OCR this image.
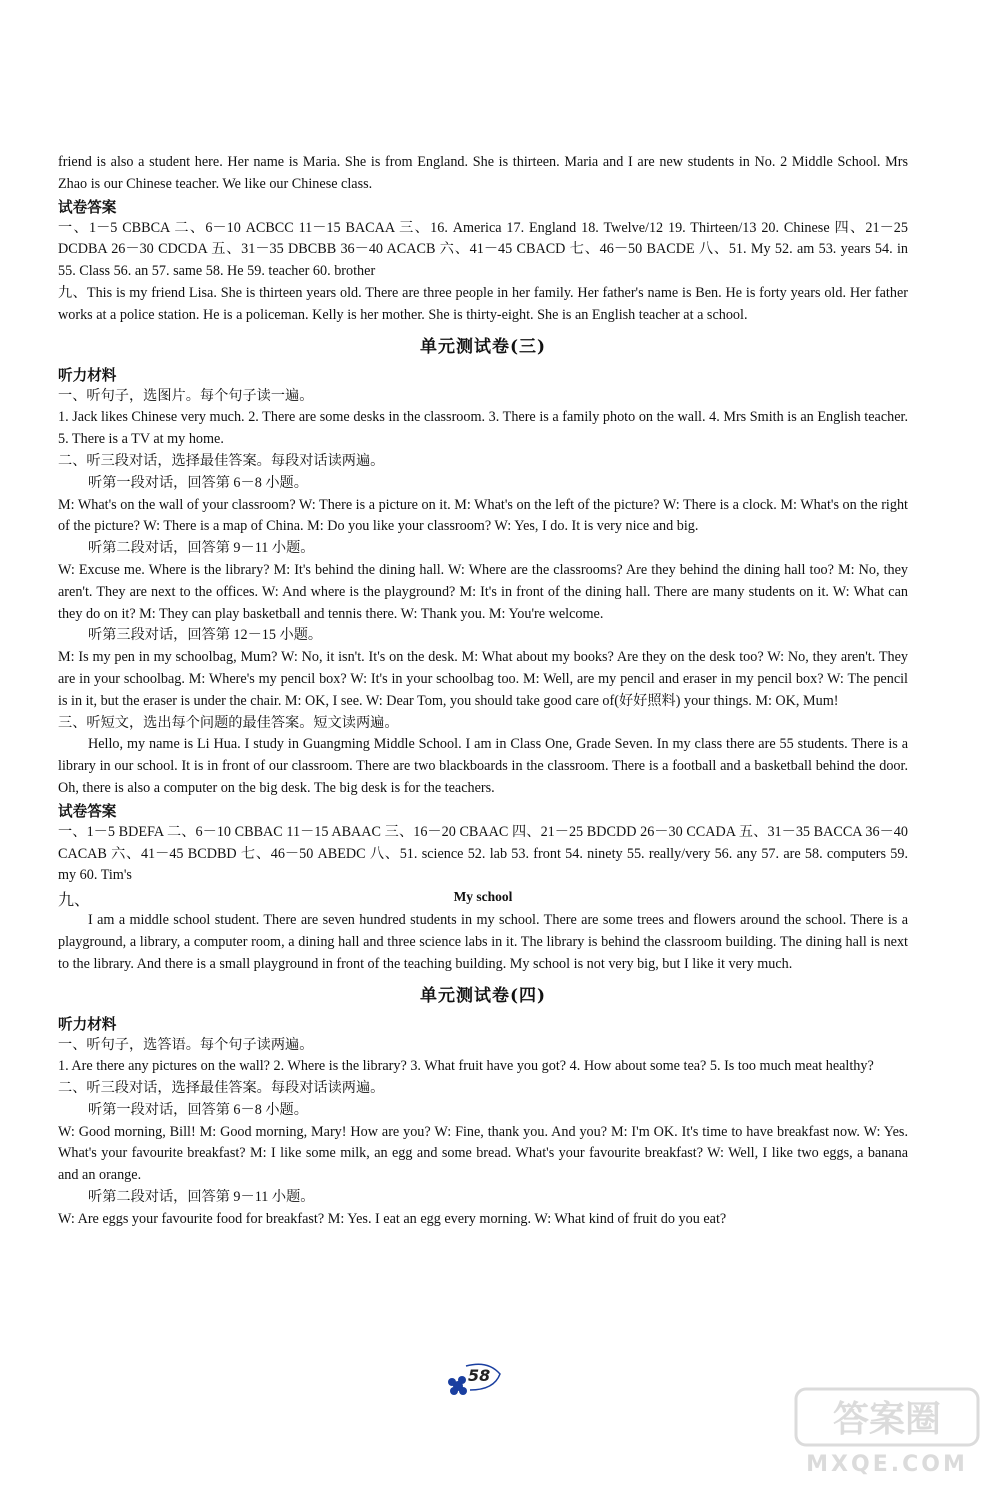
friend is also a student here. Her name is Maria. She is from England. She is thirteen. Maria and I are new students in No. 2 Middle School. Mrs Zhao is our Chinese teacher. We like our Chinese class.

试卷答案

一、1－5 CBBCA 二、6－10 ACBCC 11－15 BACAA 三、16. America 17. England 18. Twelve/12 19. Thirteen/13 20. Chinese 四、21－25 DCDBA 26－30 CDCDA 五、31－35 DBCBB 36－40 ACACB 六、41－45 CBACD 七、46－50 BACDE 八、51. My 52. am 53. years 54. in 55. Class 56. an 57. same 58. He 59. teacher 60. brother

九、This is my friend Lisa. She is thirteen years old. There are three people in her family. Her father's name is Ben. He is forty years old. Her father works at a police station. He is a policeman. Kelly is her mother. She is thirty-eight. She is an English teacher at a school.

单元测试卷(三)
听力材料

一、听句子，选图片。每个句子读一遍。

1. Jack likes Chinese very much. 2. There are some desks in the classroom. 3. There is a family photo on the wall. 4. Mrs Smith is an English teacher. 5. There is a TV at my home.

二、听三段对话，选择最佳答案。每段对话读两遍。

听第一段对话，回答第 6－8 小题。

M: What's on the wall of your classroom? W: There is a picture on it. M: What's on the left of the picture? W: There is a clock. M: What's on the right of the picture? W: There is a map of China. M: Do you like your classroom? W: Yes, I do. It is very nice and big.

听第二段对话，回答第 9－11 小题。

W: Excuse me. Where is the library? M: It's behind the dining hall. W: Where are the classrooms? Are they behind the dining hall too? M: No, they aren't. They are next to the offices. W: And where is the playground? M: It's in front of the dining hall. There are many students on it. W: What can they do on it? M: They can play basketball and tennis there. W: Thank you. M: You're welcome.

听第三段对话，回答第 12－15 小题。

M: Is my pen in my schoolbag, Mum? W: No, it isn't. It's on the desk. M: What about my books? Are they on the desk too? W: No, they aren't. They are in your schoolbag. M: Where's my pencil box? W: It's in your schoolbag too. M: Well, are my pencil and eraser in my pencil box? W: The pencil is in it, but the eraser is under the chair. M: OK, I see. W: Dear Tom, you should take good care of(好好照料) your things. M: OK, Mum!

三、听短文，选出每个问题的最佳答案。短文读两遍。

Hello, my name is Li Hua. I study in Guangming Middle School. I am in Class One, Grade Seven. In my class there are 55 students. There is a library in our school. It is in front of our classroom. There are two blackboards in the classroom. There is a football and a basketball behind the door. Oh, there is also a computer on the big desk. The big desk is for the teachers.

试卷答案

一、1－5 BDEFA 二、6－10 CBBAC 11－15 ABAAC 三、16－20 CBAAC 四、21－25 BDCDD 26－30 CCADA 五、31－35 BACCA 36－40 CACAB 六、41－45 BCDBD 七、46－50 ABEDC 八、51. science 52. lab 53. front 54. ninety 55. really/very 56. any 57. are 58. computers 59. my 60. Tim's

九、	My school

I am a middle school student. There are seven hundred students in my school. There are some trees and flowers around the school. There is a playground, a library, a computer room, a dining hall and three science labs in it. The library is behind the classroom building. The dining hall is next to the library. And there is a small playground in front of the teaching building. My school is not very big, but I like it very much.

单元测试卷(四)
听力材料

一、听句子，选答语。每个句子读两遍。

1. Are there any pictures on the wall? 2. Where is the library? 3. What fruit have you got? 4. How about some tea? 5. Is too much meat healthy?

二、听三段对话，选择最佳答案。每段对话读两遍。

听第一段对话，回答第 6－8 小题。

W: Good morning, Bill! M: Good morning, Mary! How are you? W: Fine, thank you. And you? M: I'm OK. It's time to have breakfast now. W: Yes. What's your favourite breakfast? M: I like some milk, an egg and some bread. What's your favourite breakfast? W: Well, I like two eggs, a banana and an orange.

听第二段对话，回答第 9－11 小题。

W: Are eggs your favourite food for breakfast? M: Yes. I eat an egg every morning. W: What kind of fruit do you eat?

58
答案圈
MXQE.COM
